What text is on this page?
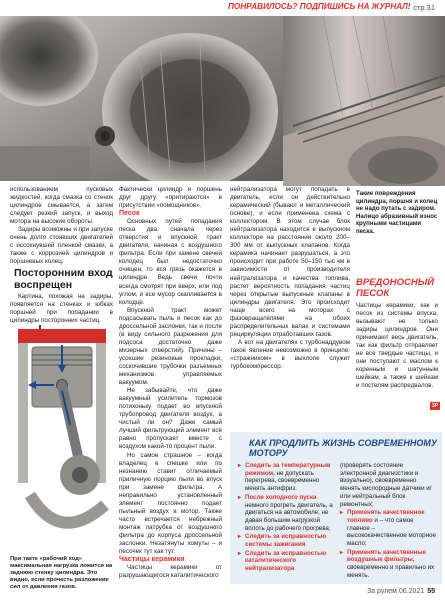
ПОНРАВИЛОСЬ? ПОДПИШИСЬ НА ЖУРНАЛ! стр.31
Такие повреждения цилиндра, поршня и колец не надо путать с задиром. Налицо абразивный износ крупными частицами песка.

использованием пусковых жидкостей, когда смазка со стенок цилиндров смывается, а затем следует резкий запуск, и выход мотора на высокие обороты.

Задиры возможны и при запуске очень долго стоявших двигателей с иссохнувшей пленкой смазки, а также с коррозией цилиндров и поршневых колец.

Посторонним вход воспрещен

Картина, похожая на задиры, появляется на стенках и юбках поршней при попадании в цилиндры посторонних частиц.

При такте «рабочий ход» максимальная нагрузка ложится на заднюю стенку цилиндра. Это видно, если прочесть разложение сил от давления газов.

Фактически цилиндр и поршень друг другу «притираются» в присутствии «помощников».

Песок

Основных путей попадания песка два: сначала через отверстия и впускной тракт двигателя, начиная с воздушного фильтра. Если при замене свечей колодец был недостаточно очищен, то вся грязь окажется в цилиндре. Ведь свечи почти всегда смотрят при вверх, или под углом, и все мусор скапливается в колодце.

Впускной тракт может подсасывать пыль и песок как до дроссельной заслонки, так и после (в виду сильного разрежения для подсоса достаточно даже мизерных отверстий). Причины – усохшие резиновые прокладки, соскочившие трубочки разъемных механизмов, управляемых вакуумом.

Не забывайте, что даже вакуумный усилитель тормозов потихоньку подает во впускной трубопровод двигателя воздух, а чистый ли он? Даже самый лучший фильтрующий элемент всё равно пропускает вместе с воздухом какой-то процент пыли.

Но самое страшное – когда владелец в спешке или по незнанию ставит отличаемый приличную порцию пыли во впуск при замене фильтра. А неправильно установленный элемент постоянно подает пыльный воздух в мотор. Также часто встречается небрежный монтаж патрубка от воздушного фильтра до корпуса дроссельной заслонки. Незатянуты хомуты – и песочек тут как тут.

Частицы керамики

Частицы керамики от разрушающегося каталитического

нейтрализатора могут попадать в двигатель, если он действительно керамический (бывают и металлический основе), и если применена схема с коллектором. В этом случае блок нейтрализатора находится в выпускном коллекторе на расстоянии около 200–300 мм от выпускных клапанов. Когда керамика начинает разрушаться, а это происходит при работе 50–150 тыс км в зависимости от производителя нейтрализатора и качества топлива, растет вероятность попадания частиц через открытые выпускные клапаны в цилиндры двигателя. Это происходит чаще всего на моторах с фазовращателями на обоих распределительных валах и системами рециркуляции отработавших газов.

А вот на двигателях с турбонаддувом такое явление невозможно в принципе: «стражником» в выхлопе служит турбокомпрессор.

ВРЕДОНОСНЫЙ ПЕСОК

Частицы керамики, как и песок из системы впуска, вызывают не только задиры цилиндров. Они принимают весь двигатель, так как фильтр отправляет не все твердые частицы, и они поступают с маслом к коренным и шатунным шейкам, а также к шейкам и постелям распредвалов.

ЗР
КАК ПРОДЛИТЬ ЖИЗНЬ СОВРЕМЕННОМУ МОТОРУ
▸ Следить за температурным режимом, не допускать перегрева, своевременно менять антифриз.
▸ После холодного пуска немного прогреть двигатель, а двигаться на автомобиле, не давая большим нагрузкой вплоть до рабочего прогрева;
▸ Следить за исправностью системы зажигания
▸ Следить за исправностью каталитического нейтрализатора
(проверять состояние электронной диагностики и визуально), своевременно менять кислородные датчики и/или нейтральный блок ремонтных;
▸ Применять качественное топливо и – что самое главное – высококачественное моторное масло;
▸ Применять качественные воздушные фильтры, своевременно и правильно их менять.
За рулем 06.2021 55
